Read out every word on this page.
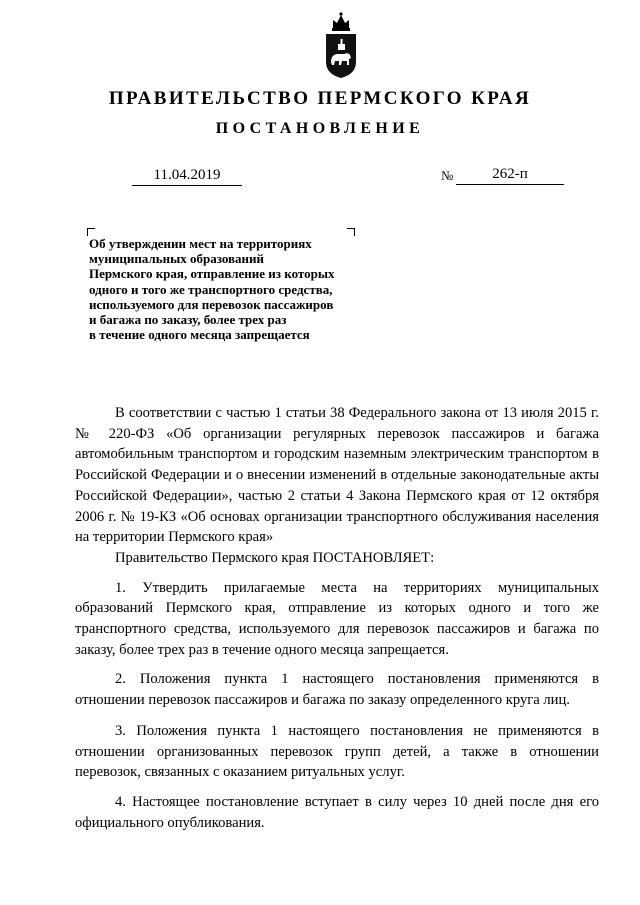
ПРАВИТЕЛЬСТВО ПЕРМСКОГО КРАЯ
ПОСТАНОВЛЕНИЕ
11.04.2019	№	262-п
Об утверждении мест на территориях
муниципальных образований
Пермского края, отправление из которых
одного и того же транспортного средства,
используемого для перевозок пассажиров
и багажа по заказу, более трех раз
в течение одного месяца запрещается

В соответствии с частью 1 статьи 38 Федерального закона от 13 июля 2015 г. № 220-ФЗ «Об организации регулярных перевозок пассажиров и багажа автомобильным транспортом и городским наземным электрическим транспортом в Российской Федерации и о внесении изменений в отдельные законодательные акты Российской Федерации», частью 2 статьи 4 Закона Пермского края от 12 октября 2006 г. № 19-КЗ «Об основах организации транспортного обслуживания населения на территории Пермского края»

Правительство Пермского края ПОСТАНОВЛЯЕТ:

1. Утвердить прилагаемые места на территориях муниципальных образований Пермского края, отправление из которых одного и того же транспортного средства, используемого для перевозок пассажиров и багажа по заказу, более трех раз в течение одного месяца запрещается.

2. Положения пункта 1 настоящего постановления применяются в отношении перевозок пассажиров и багажа по заказу определенного круга лиц.

3. Положения пункта 1 настоящего постановления не применяются в отношении организованных перевозок групп детей, а также в отношении перевозок, связанных с оказанием ритуальных услуг.

4. Настоящее постановление вступает в силу через 10 дней после дня его официального опубликования.
